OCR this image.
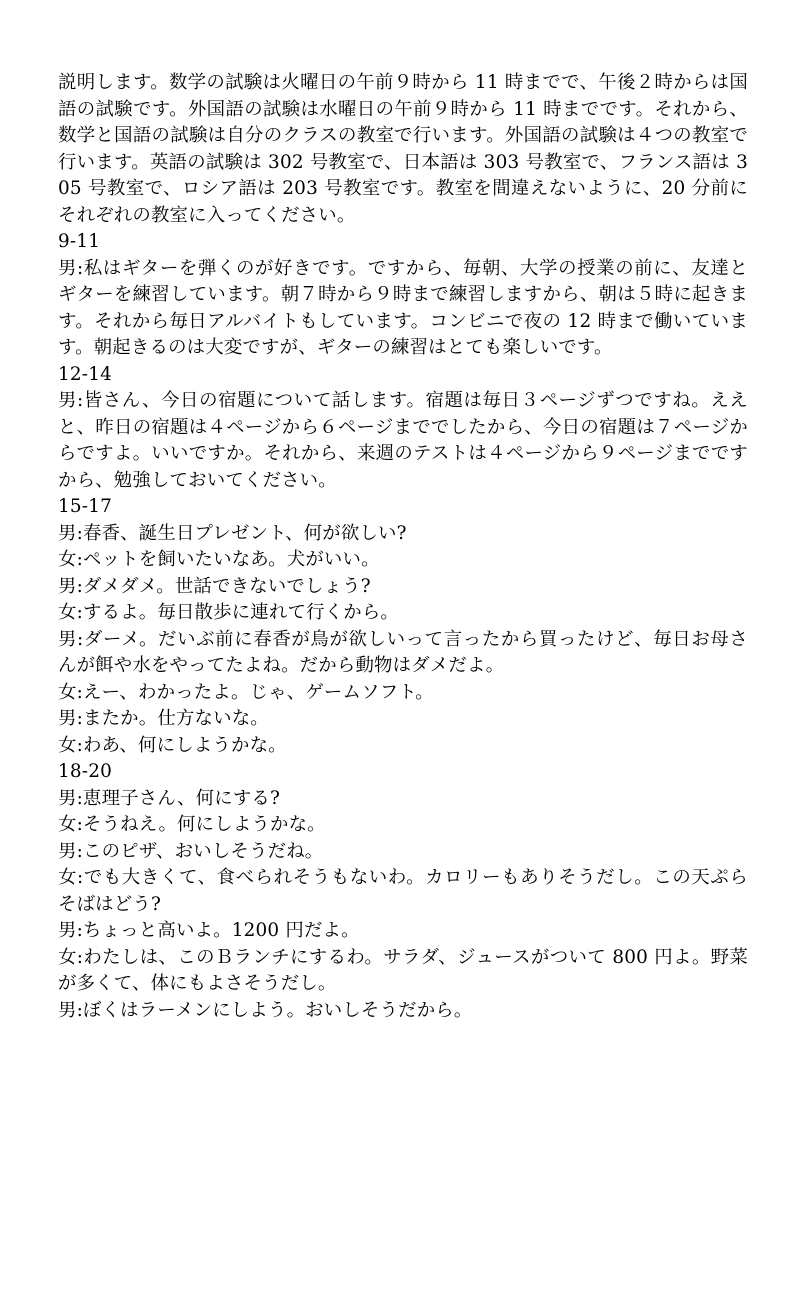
説明します。数学の試験は火曜日の午前９時から 11 時までで、午後２時からは国語の試験です。外国語の試験は水曜日の午前９時から 11 時までです。それから、数学と国語の試験は自分のクラスの教室で行います。外国語の試験は４つの教室で行います。英語の試験は 302 号教室で、日本語は 303 号教室で、フランス語は 305 号教室で、ロシア語は 203 号教室です。教室を間違えないように、20 分前にそれぞれの教室に入ってください。

9-11

男:私はギターを弾くのが好きです。ですから、毎朝、大学の授業の前に、友達とギターを練習しています。朝７時から９時まで練習しますから、朝は５時に起きます。それから毎日アルバイトもしています。コンビニで夜の 12 時まで働いています。朝起きるのは大変ですが、ギターの練習はとても楽しいです。

12-14

男:皆さん、今日の宿題について話します。宿題は毎日３ページずつですね。ええと、昨日の宿題は４ページから６ページまででしたから、今日の宿題は７ページからですよ。いいですか。それから、来週のテストは４ページから９ページまでですから、勉強しておいてください。

15-17

男:春香、誕生日プレゼント、何が欲しい?

女:ペットを飼いたいなあ。犬がいい。

男:ダメダメ。世話できないでしょう?

女:するよ。毎日散歩に連れて行くから。

男:ダーメ。だいぶ前に春香が鳥が欲しいって言ったから買ったけど、毎日お母さんが餌や水をやってたよね。だから動物はダメだよ。

女:えー、わかったよ。じゃ、ゲームソフト。

男:またか。仕方ないな。

女:わあ、何にしようかな。

18-20

男:恵理子さん、何にする?

女:そうねえ。何にしようかな。

男:このピザ、おいしそうだね。

女:でも大きくて、食べられそうもないわ。カロリーもありそうだし。この天ぷらそばはどう?

男:ちょっと高いよ。1200 円だよ。

女:わたしは、このＢランチにするわ。サラダ、ジュースがついて 800 円よ。野菜が多くて、体にもよさそうだし。

男:ぼくはラーメンにしよう。おいしそうだから。
